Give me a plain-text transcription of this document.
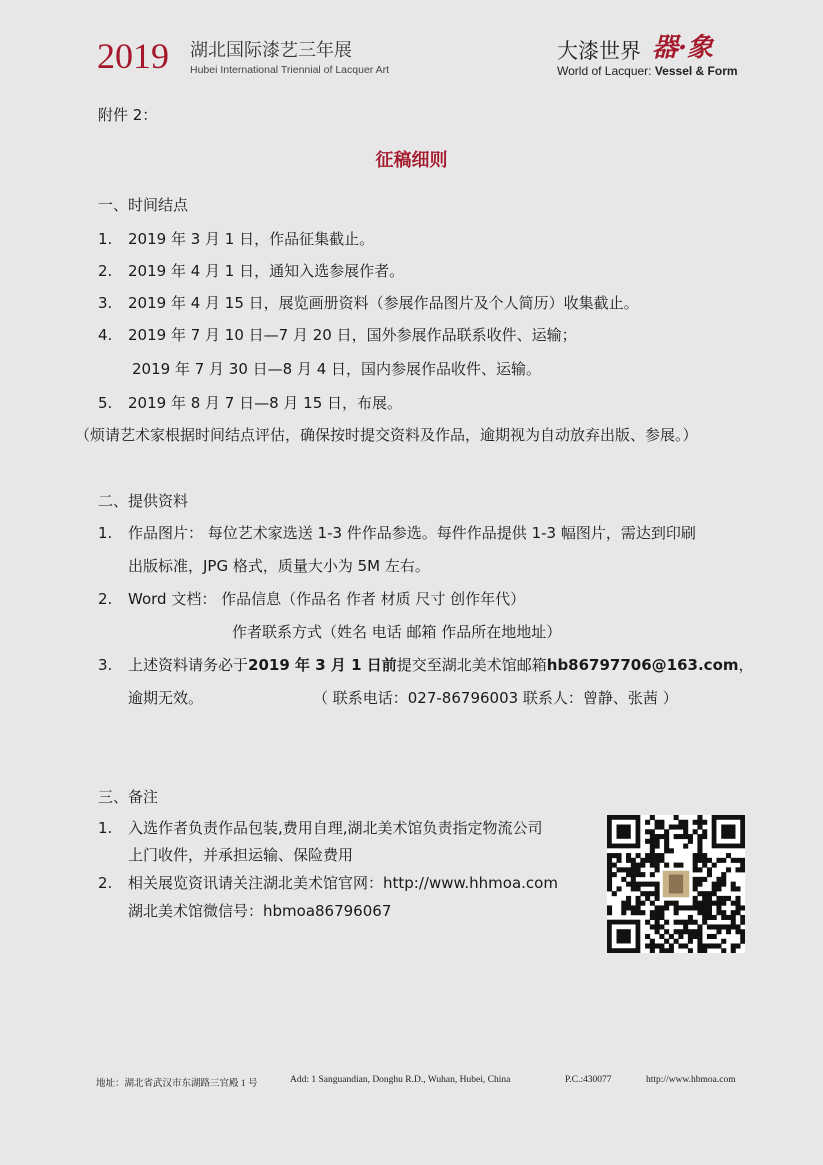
2019 湖北国际漆艺三年展
Hubei International Triennial of Lacquer Art
大漆世界 器·象
World of Lacquer: Vessel & Form
附件 2：
征稿细则
一、时间结点
1. 2019 年 3 月 1 日，作品征集截止。
2. 2019 年 4 月 1 日，通知入选参展作者。
3. 2019 年 4 月 15 日，展览画册资料（参展作品图片及个人简历）收集截止。
4. 2019 年 7 月 10 日—7 月 20 日，国外参展作品联系收件、运输；
2019 年 7 月 30 日—8 月 4 日，国内参展作品收件、运输。
5. 2019 年 8 月 7 日—8 月 15 日，布展。
（烦请艺术家根据时间结点评估，确保按时提交资料及作品，逾期视为自动放弃出版、参展。）
二、提供资料
1. 作品图片： 每位艺术家选送 1-3 件作品参选。每件作品提供 1-3 幅图片，需达到印刷
出版标准，JPG 格式，质量大小为 5M 左右。
2. Word 文档： 作品信息（作品名 作者 材质 尺寸 创作年代）
作者联系方式（姓名 电话 邮箱 作品所在地地址）
3. 上述资料请务必于2019 年 3 月 1 日前提交至湖北美术馆邮箱hb86797706@163.com，
逾期无效。	（ 联系电话：027-86796003 联系人：曾静、张茜 ）
三、备注
1. 入选作者负责作品包装,费用自理,湖北美术馆负责指定物流公司
上门收件，并承担运输、保险费用
2. 相关展览资讯请关注湖北美术馆官网：http://www.hhmoa.com
湖北美术馆微信号：hbmoa86796067
地址：湖北省武汉市东湖路三官殿 1 号	Add: 1 Sanguandian, Donghu R.D., Wuhan, Hubei, China	P.C.:430077	http://www.hbmoa.com
